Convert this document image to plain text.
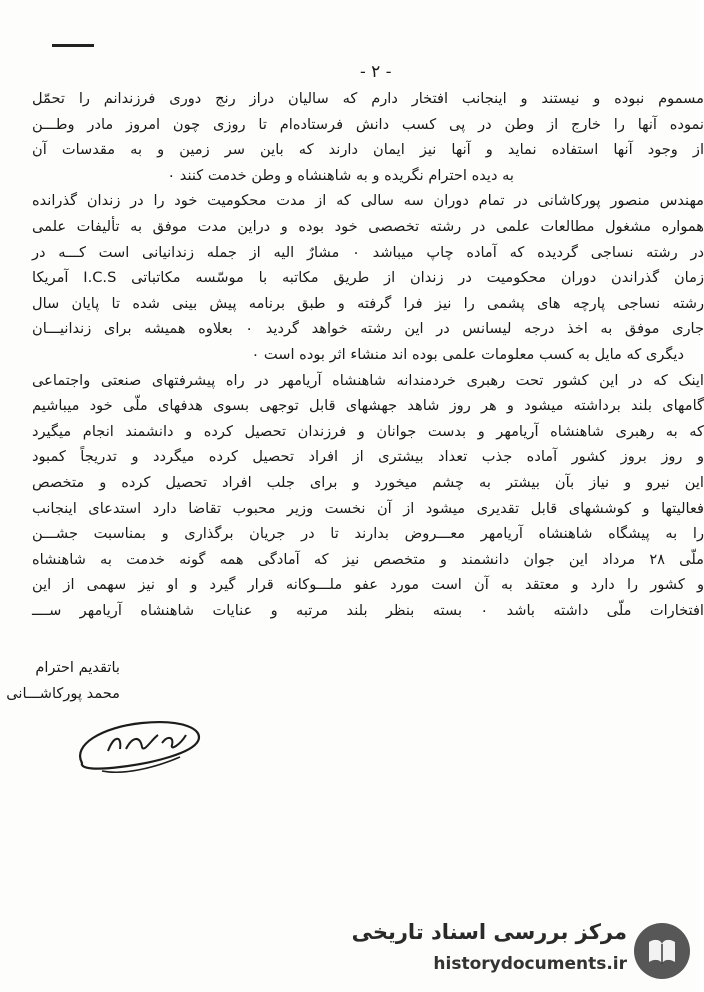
- ٢ -
مسموم نبوده و نیستند و اینجانب افتخار دارم که سالیان دراز رنج دوری فرزندانم را تحمّل
نموده آنها را خارج از وطن در پی کسب دانش فرستاده‌ام تا روزی چون امروز مادر وطـــن
از وجود آنها استفاده نماید و آنها نیز ایمان دارند که باین سر زمین و به مقدسات آن
به دیده احترام نگریده و به شاهنشاه و وطن خدمت کنند ٠
مهندس منصور پورکاشانی در تمام دوران سه سالی که از مدت محکومیت خود را در زندان گذرانده
همواره مشغول مطالعات علمی در رشته تخصصی خود بوده و دراین مدت موفق به تألیفات علمی
در رشته نساجی گردیده که آماده چاپ میباشد ٠ مشارٌ الیه از جمله زندانیانی است کـــه در
زمان گذراندن دوران محکومیت در زندان از طریق مکاتبه با موسّسه مکاتباتی I.C.S آمریکا
رشته نساجی پارچه های پشمی را نیز فرا گرفته و طبق برنامه پیش بینی شده تا پایان سال
جاری موفق به اخذ درجه لیسانس در این رشته خواهد گردید ٠ بعلاوه همیشه برای زندانیـــان
دیگری که مایل به کسب معلومات علمی بوده اند منشاء اثر بوده است ٠
اینک که در این کشور تحت رهبری خردمندانه شاهنشاه آریامهر در راه پیشرفتهای صنعتی واجتماعی
گامهای بلند برداشته میشود و هر روز شاهد جهشهای قابل توجهی بسوی هدفهای ملّی خود میباشیم
که به رهبری شاهنشاه آریامهر و بدست جوانان و فرزندان تحصیل کرده و دانشمند انجام میگیرد
و روز بروز کشور آماده جذب تعداد بیشتری از افراد تحصیل کرده میگردد و تدریجاً کمبود
این نیرو و نیاز بآن بیشتر به چشم میخورد و برای جلب افراد تحصیل کرده و متخصص
فعالیتها و کوششهای قابل تقدیری میشود از آن نخست وزیر محبوب تقاضا دارد استدعای اینجانب
را به پیشگاه شاهنشاه آریامهر معـــروض بدارند تا در جریان برگذاری و بمناسبت جشـــن
ملّی ۲۸ مرداد این جوان دانشمند و متخصص نیز که آمادگی همه گونه خدمت به شاهنشاه
و کشور را دارد و معتقد به آن است مورد عفو ملـــوکانه قرار گیرد و او نیز سهمی از این
افتخارات ملّی داشته باشد ٠ بسته بنظر بلند مرتبه و عنایات شاهنشاه آریامهر ســــ
باتقدیم احترام
محمد پورکاشـــانی
مرکز بررسی اسناد تاریخی
historydocuments.ir
